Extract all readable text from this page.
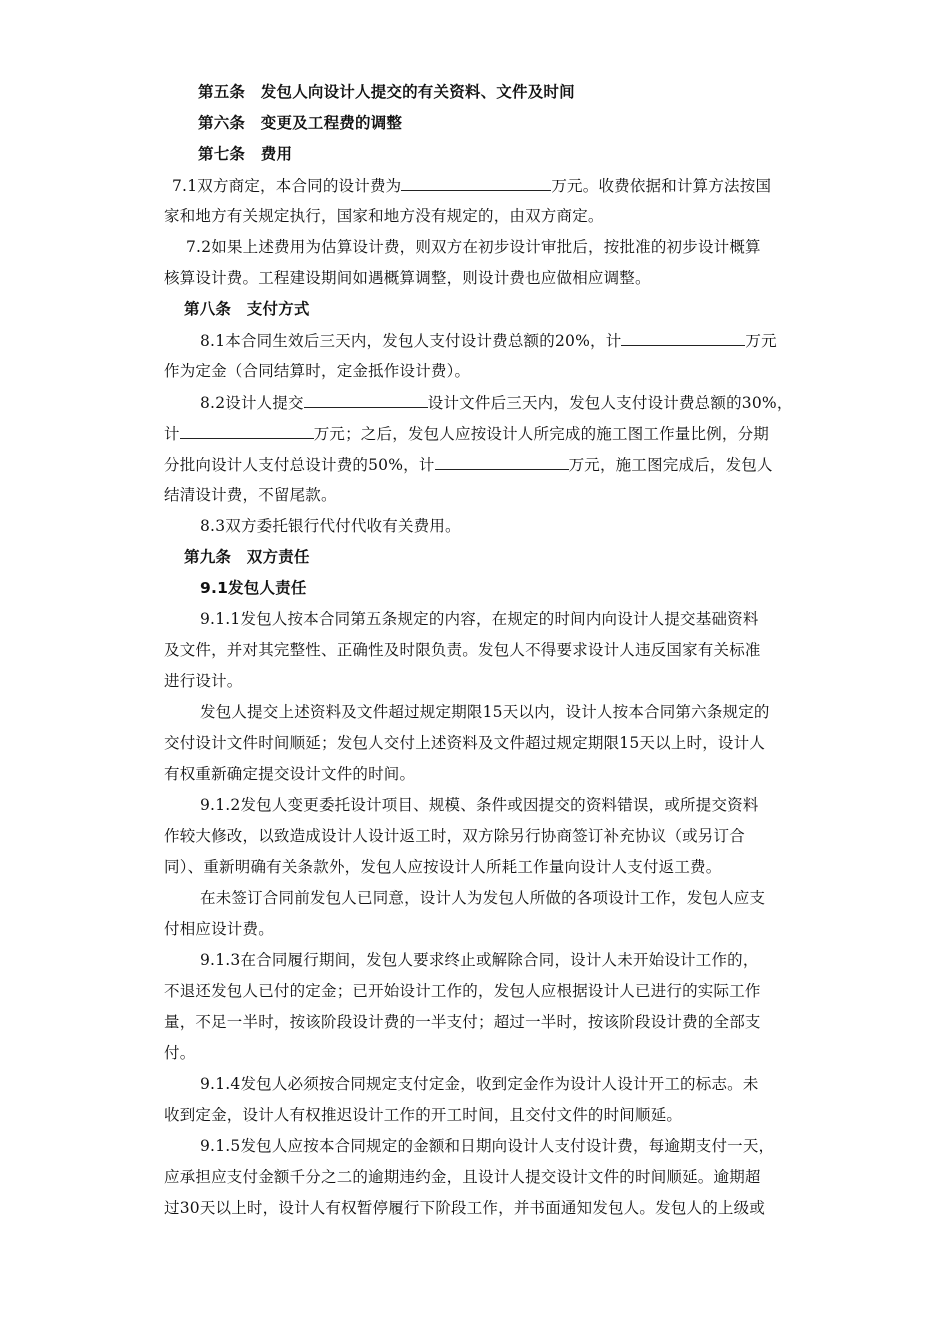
第五条　发包人向设计人提交的有关资料、文件及时间
第六条　变更及工程费的调整
第七条　费用
7.1双方商定，本合同的设计费为	万元。收费依据和计算方法按国
家和地方有关规定执行，国家和地方没有规定的，由双方商定。
7.2如果上述费用为估算设计费，则双方在初步设计审批后，按批准的初步设计概算
核算设计费。工程建设期间如遇概算调整，则设计费也应做相应调整。
第八条　支付方式
8.1本合同生效后三天内，发包人支付设计费总额的20%，计	万元
作为定金（合同结算时，定金抵作设计费）。
8.2设计人提交	设计文件后三天内，发包人支付设计费总额的30%，
计	万元；之后，发包人应按设计人所完成的施工图工作量比例，分期
分批向设计人支付总设计费的50%，计	万元，施工图完成后，发包人
结清设计费，不留尾款。
8.3双方委托银行代付代收有关费用。
第九条　双方责任
9.1发包人责任
9.1.1发包人按本合同第五条规定的内容，在规定的时间内向设计人提交基础资料
及文件，并对其完整性、正确性及时限负责。发包人不得要求设计人违反国家有关标准
进行设计。
发包人提交上述资料及文件超过规定期限15天以内，设计人按本合同第六条规定的
交付设计文件时间顺延；发包人交付上述资料及文件超过规定期限15天以上时，设计人
有权重新确定提交设计文件的时间。
9.1.2发包人变更委托设计项目、规模、条件或因提交的资料错误，或所提交资料
作较大修改，以致造成设计人设计返工时，双方除另行协商签订补充协议（或另订合
同）、重新明确有关条款外，发包人应按设计人所耗工作量向设计人支付返工费。
在未签订合同前发包人已同意，设计人为发包人所做的各项设计工作，发包人应支
付相应设计费。
9.1.3在合同履行期间，发包人要求终止或解除合同，设计人未开始设计工作的，
不退还发包人已付的定金；已开始设计工作的，发包人应根据设计人已进行的实际工作
量，不足一半时，按该阶段设计费的一半支付；超过一半时，按该阶段设计费的全部支
付。
9.1.4发包人必须按合同规定支付定金，收到定金作为设计人设计开工的标志。未
收到定金，设计人有权推迟设计工作的开工时间，且交付文件的时间顺延。
9.1.5发包人应按本合同规定的金额和日期向设计人支付设计费，每逾期支付一天，
应承担应支付金额千分之二的逾期违约金，且设计人提交设计文件的时间顺延。逾期超
过30天以上时，设计人有权暂停履行下阶段工作，并书面通知发包人。发包人的上级或
